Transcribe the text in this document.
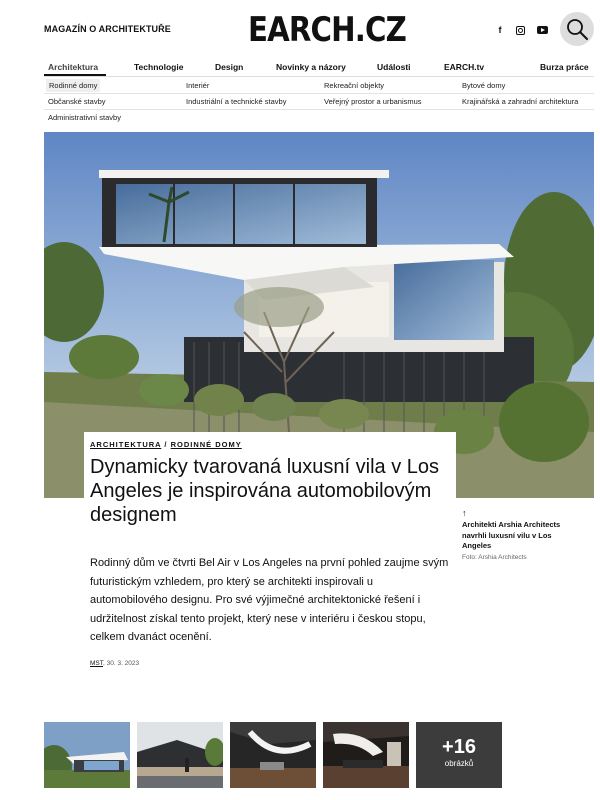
MAGAZÍN O ARCHITEKTUŘE EARCH.CZ	f
Architektura	Technologie	Design	Novinky a názory	Události	EARCH.tv	Burza práce
Rodinné domy	Interiér	Rekreační objekty	Bytové domy
Občanské stavby	Industriální a technické stavby	Veřejný prostor a urbanismus	Krajinářská a zahradní architektura
Administrativní stavby
ARCHITEKTURA / RODINNÉ DOMY
Dynamicky tvarovaná luxusní vila v Los Angeles je inspirována automobilovým designem	↑
Architekti Arshia Architects navrhli luxusní vilu v Los Angeles
Foto: Arshia Architects

Rodinný dům ve čtvrti Bel Air v Los Angeles na první pohled zaujme svým futuristickým vzhledem, pro který se architekti inspirovali u automobilového designu. Pro své výjimečné architektonické řešení i udržitelnost získal tento projekt, který nese v interiéru i českou stopu, celkem dvanáct ocenění.

MST, 30. 3. 2023
+16
obrázků
